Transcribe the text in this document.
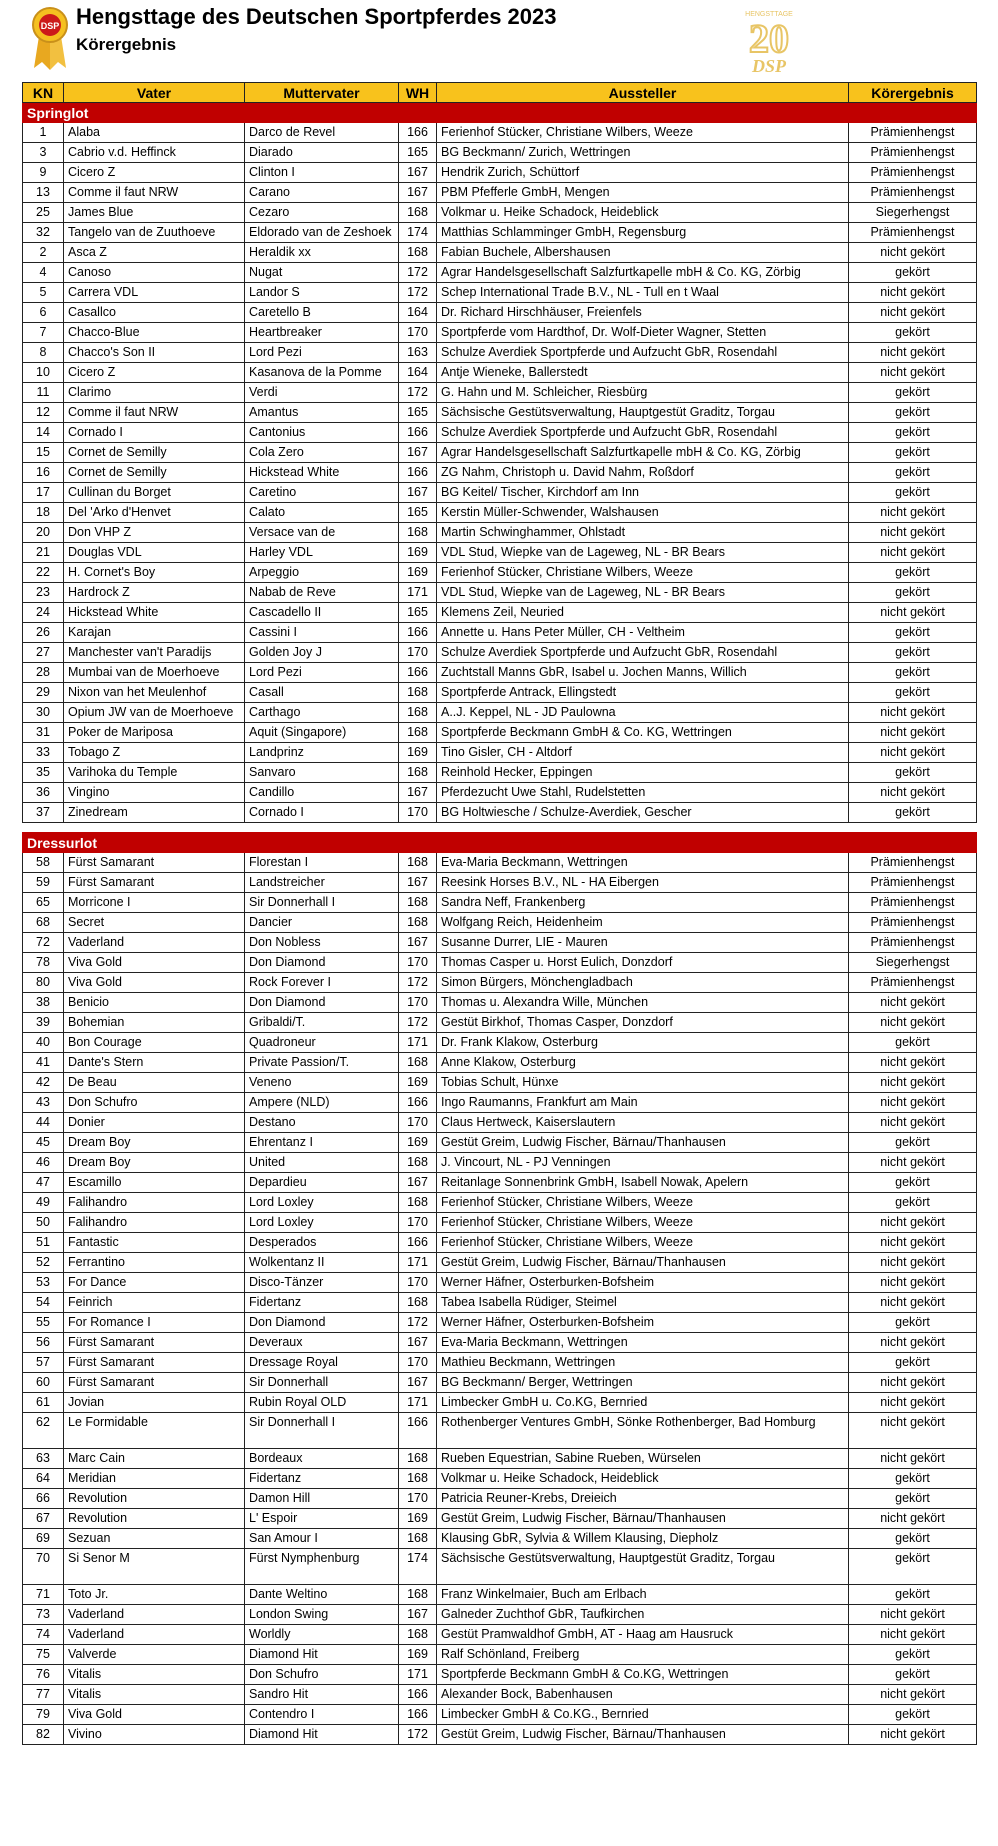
DSP Hengsttage des Deutschen Sportpferdes 2023
Körergebnis
HENGSTTAGE
20
DSP
KN	Vater	Muttervater	WH	Aussteller	Körergebnis
Springlot					
1	Alaba	Darco de Revel	166	Ferienhof Stücker, Christiane Wilbers, Weeze	Prämienhengst
3	Cabrio v.d. Heffinck	Diarado	165	BG Beckmann/ Zurich, Wettringen	Prämienhengst
9	Cicero Z	Clinton I	167	Hendrik Zurich, Schüttorf	Prämienhengst
13	Comme il faut NRW	Carano	167	PBM Pfefferle GmbH, Mengen	Prämienhengst
25	James Blue	Cezaro	168	Volkmar u. Heike Schadock, Heideblick	Siegerhengst
32	Tangelo van de Zuuthoeve	Eldorado van de Zeshoek	174	Matthias Schlamminger GmbH, Regensburg	Prämienhengst
2	Asca Z	Heraldik xx	168	Fabian Buchele, Albershausen	nicht gekört
4	Canoso	Nugat	172	Agrar Handelsgesellschaft Salzfurtkapelle mbH & Co. KG, Zörbig	gekört
5	Carrera VDL	Landor S	172	Schep International Trade B.V., NL - Tull en t Waal	nicht gekört
6	Casallco	Caretello B	164	Dr. Richard Hirschhäuser, Freienfels	nicht gekört
7	Chacco-Blue	Heartbreaker	170	Sportpferde vom Hardthof, Dr. Wolf-Dieter Wagner, Stetten	gekört
8	Chacco's Son II	Lord Pezi	163	Schulze Averdiek Sportpferde und Aufzucht GbR, Rosendahl	nicht gekört
10	Cicero Z	Kasanova de la Pomme	164	Antje Wieneke, Ballerstedt	nicht gekört
11	Clarimo	Verdi	172	G. Hahn und M. Schleicher, Riesbürg	gekört
12	Comme il faut NRW	Amantus	165	Sächsische Gestütsverwaltung, Hauptgestüt Graditz, Torgau	gekört
14	Cornado I	Cantonius	166	Schulze Averdiek Sportpferde und Aufzucht GbR, Rosendahl	gekört
15	Cornet de Semilly	Cola Zero	167	Agrar Handelsgesellschaft Salzfurtkapelle mbH & Co. KG, Zörbig	gekört
16	Cornet de Semilly	Hickstead White	166	ZG Nahm, Christoph u. David Nahm, Roßdorf	gekört
17	Cullinan du Borget	Caretino	167	BG Keitel/ Tischer, Kirchdorf am Inn	gekört
18	Del 'Arko d'Henvet	Calato	165	Kerstin Müller-Schwender, Walshausen	nicht gekört
20	Don VHP Z	Versace van de	168	Martin Schwinghammer, Ohlstadt	nicht gekört
21	Douglas VDL	Harley VDL	169	VDL Stud, Wiepke van de Lageweg, NL - BR Bears	nicht gekört
22	H. Cornet's Boy	Arpeggio	169	Ferienhof Stücker, Christiane Wilbers, Weeze	gekört
23	Hardrock Z	Nabab de Reve	171	VDL Stud, Wiepke van de Lageweg, NL - BR Bears	gekört
24	Hickstead White	Cascadello II	165	Klemens Zeil, Neuried	nicht gekört
26	Karajan	Cassini I	166	Annette u. Hans Peter Müller, CH - Veltheim	gekört
27	Manchester van't Paradijs	Golden Joy J	170	Schulze Averdiek Sportpferde und Aufzucht GbR, Rosendahl	gekört
28	Mumbai van de Moerhoeve	Lord Pezi	166	Zuchtstall Manns GbR, Isabel u. Jochen Manns, Willich	gekört
29	Nixon van het Meulenhof	Casall	168	Sportpferde Antrack, Ellingstedt	gekört
30	Opium JW van de Moerhoeve	Carthago	168	A..J. Keppel, NL - JD Paulowna	nicht gekört
31	Poker de Mariposa	Aquit (Singapore)	168	Sportpferde Beckmann GmbH & Co. KG, Wettringen	nicht gekört
33	Tobago Z	Landprinz	169	Tino Gisler, CH - Altdorf	nicht gekört
35	Varihoka du Temple	Sanvaro	168	Reinhold Hecker, Eppingen	gekört
36	Vingino	Candillo	167	Pferdezucht Uwe Stahl, Rudelstetten	nicht gekört
37	Zinedream	Cornado I	170	BG Holtwiesche / Schulze-Averdiek, Gescher	gekört

Dressurlot					
58	Fürst Samarant	Florestan I	168	Eva-Maria Beckmann, Wettringen	Prämienhengst
59	Fürst Samarant	Landstreicher	167	Reesink Horses B.V., NL - HA Eibergen	Prämienhengst
65	Morricone I	Sir Donnerhall I	168	Sandra Neff, Frankenberg	Prämienhengst
68	Secret	Dancier	168	Wolfgang Reich, Heidenheim	Prämienhengst
72	Vaderland	Don Nobless	167	Susanne Durrer, LIE - Mauren	Prämienhengst
78	Viva Gold	Don Diamond	170	Thomas Casper u. Horst Eulich, Donzdorf	Siegerhengst
80	Viva Gold	Rock Forever I	172	Simon Bürgers, Mönchengladbach	Prämienhengst
38	Benicio	Don Diamond	170	Thomas u. Alexandra Wille, München	nicht gekört
39	Bohemian	Gribaldi/T.	172	Gestüt Birkhof, Thomas Casper, Donzdorf	nicht gekört
40	Bon Courage	Quadroneur	171	Dr. Frank Klakow, Osterburg	gekört
41	Dante's Stern	Private Passion/T.	168	Anne Klakow, Osterburg	nicht gekört
42	De Beau	Veneno	169	Tobias Schult, Hünxe	nicht gekört
43	Don Schufro	Ampere (NLD)	166	Ingo Raumanns, Frankfurt am Main	nicht gekört
44	Donier	Destano	170	Claus Hertweck, Kaiserslautern	nicht gekört
45	Dream Boy	Ehrentanz I	169	Gestüt Greim, Ludwig Fischer, Bärnau/Thanhausen	gekört
46	Dream Boy	United	168	J. Vincourt, NL - PJ Venningen	nicht gekört
47	Escamillo	Depardieu	167	Reitanlage Sonnenbrink GmbH, Isabell Nowak, Apelern	gekört
49	Falihandro	Lord Loxley	168	Ferienhof Stücker, Christiane Wilbers, Weeze	gekört
50	Falihandro	Lord Loxley	170	Ferienhof Stücker, Christiane Wilbers, Weeze	nicht gekört
51	Fantastic	Desperados	166	Ferienhof Stücker, Christiane Wilbers, Weeze	nicht gekört
52	Ferrantino	Wolkentanz II	171	Gestüt Greim, Ludwig Fischer, Bärnau/Thanhausen	nicht gekört
53	For Dance	Disco-Tänzer	170	Werner Häfner, Osterburken-Bofsheim	nicht gekört
54	Feinrich	Fidertanz	168	Tabea Isabella Rüdiger, Steimel	nicht gekört
55	For Romance I	Don Diamond	172	Werner Häfner, Osterburken-Bofsheim	gekört
56	Fürst Samarant	Deveraux	167	Eva-Maria Beckmann, Wettringen	nicht gekört
57	Fürst Samarant	Dressage Royal	170	Mathieu Beckmann, Wettringen	gekört
60	Fürst Samarant	Sir Donnerhall	167	BG Beckmann/ Berger, Wettringen	nicht gekört
61	Jovian	Rubin Royal OLD	171	Limbecker GmbH u. Co.KG, Bernried	nicht gekört
62	Le Formidable	Sir Donnerhall I	166	Rothenberger Ventures GmbH, Sönke Rothenberger, Bad Homburg	nicht gekört
63	Marc Cain	Bordeaux	168	Rueben Equestrian, Sabine Rueben, Würselen	nicht gekört
64	Meridian	Fidertanz	168	Volkmar u. Heike Schadock, Heideblick	gekört
66	Revolution	Damon Hill	170	Patricia Reuner-Krebs, Dreieich	gekört
67	Revolution	L' Espoir	169	Gestüt Greim, Ludwig Fischer, Bärnau/Thanhausen	nicht gekört
69	Sezuan	San Amour I	168	Klausing GbR, Sylvia & Willem Klausing, Diepholz	gekört
70	Si Senor M	Fürst Nymphenburg	174	Sächsische Gestütsverwaltung, Hauptgestüt Graditz, Torgau	gekört
71	Toto Jr.	Dante Weltino	168	Franz Winkelmaier, Buch am Erlbach	gekört
73	Vaderland	London Swing	167	Galneder Zuchthof GbR, Taufkirchen	nicht gekört
74	Vaderland	Worldly	168	Gestüt Pramwaldhof GmbH, AT - Haag am Hausruck	nicht gekört
75	Valverde	Diamond Hit	169	Ralf Schönland, Freiberg	gekört
76	Vitalis	Don Schufro	171	Sportpferde Beckmann GmbH & Co.KG, Wettringen	gekört
77	Vitalis	Sandro Hit	166	Alexander Bock, Babenhausen	nicht gekört
79	Viva Gold	Contendro I	166	Limbecker GmbH & Co.KG., Bernried	gekört
82	Vivino	Diamond Hit	172	Gestüt Greim, Ludwig Fischer, Bärnau/Thanhausen	nicht gekört
